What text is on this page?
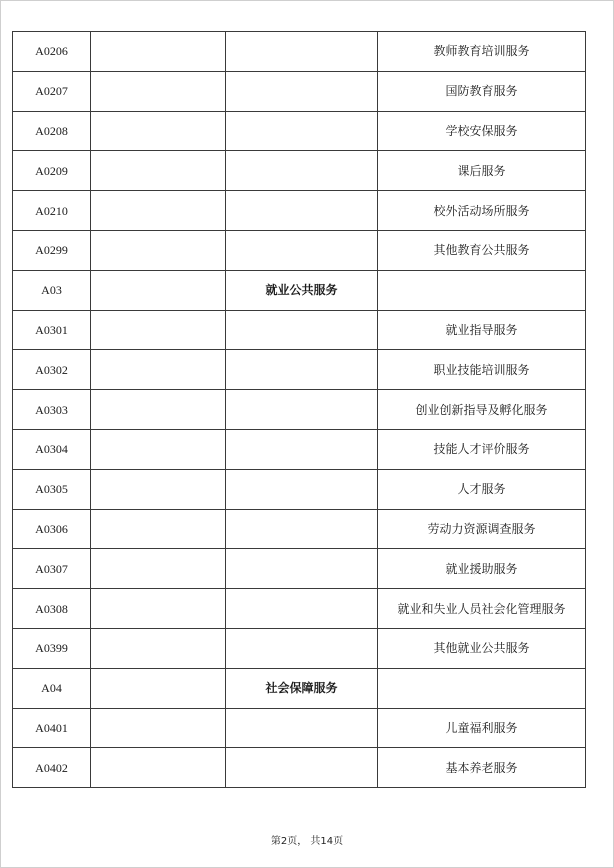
A0206			教师教育培训服务
A0207			国防教育服务
A0208			学校安保服务
A0209			课后服务
A0210			校外活动场所服务
A0299			其他教育公共服务
A03		就业公共服务	
A0301			就业指导服务
A0302			职业技能培训服务
A0303			创业创新指导及孵化服务
A0304			技能人才评价服务
A0305			人才服务
A0306			劳动力资源调查服务
A0307			就业援助服务
A0308			就业和失业人员社会化管理服务
A0399			其他就业公共服务
A04		社会保障服务	
A0401			儿童福利服务
A0402			基本养老服务
第2页， 共14页
